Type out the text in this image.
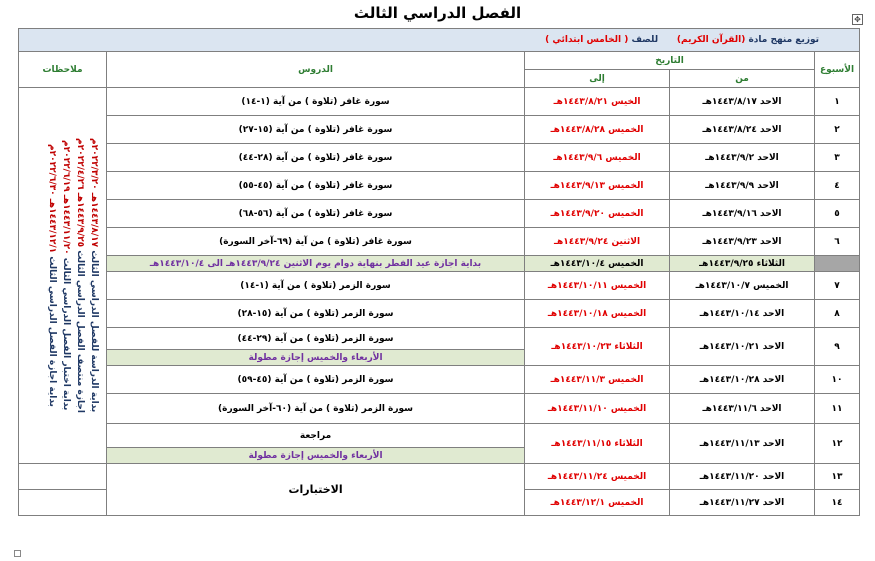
✥
الفصل الدراسي الثالث
توزيع منهج مادة (القرآن الكريم)      للصف ( الخامس ابتدائي )				
الأسبوع	التاريخ		الدروس	ملاحظات
	من	إلى		
١	الاحد ١٤٤٣/٨/١٧هـ	الخيس ١٤٤٣/٨/٢١هـ	سورة غافر (تلاوة ) من آية (١-١٤)	بداية الدراسة للفصل الدراسي الثالث ١٤٤٣/٨/١٧هـ ٢٠٢٢/٣/٢٠م
اجازة منتصف الفصل الدراسي الثالث ١٤٤٣/٩/٢٥هـ ٢٠٢٢/٤/٢٦م
بداية اختبار الفصل الدراسي الثالث ١٤٤٣/١١/٢٠هـ ٢٠٢٢/٦/١٩م
بداية اجازة الفصل الدراسي الثالث ١٤٤٣/١٢/١هـ ٢٠٢٢/٦/٣٠م

٢	الاحد ١٤٤٣/٨/٢٤هـ	الخميس ١٤٤٣/٨/٢٨هـ	سورة غافر (تلاوة ) من آية (١٥-٢٧)	
٣	الاحد ١٤٤٣/٩/٢هـ	الخميس ١٤٤٣/٩/٦هـ	سورة غافر (تلاوة ) من آية (٢٨-٤٤)	
٤	الاحد ١٤٤٣/٩/٩هـ	الخميس ١٤٤٣/٩/١٣هـ	سورة غافر (تلاوة ) من آية (٤٥-٥٥)	
٥	الاحد ١٤٤٣/٩/١٦هـ	الخميس ١٤٤٣/٩/٢٠هـ	سورة غافر (تلاوة ) من آية (٥٦-٦٨)	
٦	الاحد ١٤٤٣/٩/٢٣هـ	الاثنين ١٤٤٣/٩/٢٤هـ	سورة غافر (تلاوة ) من آية (٦٩-آخر السورة)	
	الثلاثاء ١٤٤٣/٩/٢٥هـ	الخميس ١٤٤٣/١٠/٤هـ	بداية اجازة عيد الفطر بنهاية دوام يوم الاثنين ١٤٤٣/٩/٢٤هـ الى ١٤٤٣/١٠/٤هـ	
٧	الخميس ١٤٤٣/١٠/٧هـ	الخميس ١٤٤٣/١٠/١١هـ	سورة الزمر (تلاوة ) من آية (١-١٤)	
٨	الاحد ١٤٤٣/١٠/١٤هـ	الخميس ١٤٤٣/١٠/١٨هـ	سورة الزمر (تلاوة ) من آية (١٥-٢٨)	
٩	الاحد ١٤٤٣/١٠/٢١هـ	الثلاثاء ١٤٤٣/١٠/٢٣هـ	سورة الزمر (تلاوة ) من آية (٢٩-٤٤)	
			الأربعاء والخميس إجازة مطولة	
١٠	الاحد ١٤٤٣/١٠/٢٨هـ	الخميس ١٤٤٣/١١/٣هـ	سورة الزمر (تلاوة ) من آية (٤٥-٥٩)	
١١	الاحد ١٤٤٣/١١/٦هـ	الخميس ١٤٤٣/١١/١٠هـ	سورة الزمر (تلاوة ) من آية (٦٠-آخر السورة)	
١٢	الاحد ١٤٤٣/١١/١٣هـ	الثلاثاء ١٤٤٣/١١/١٥هـ	مراجعة	
			الأربعاء والخميس إجازة مطولة	
١٣	الاحد ١٤٤٣/١١/٢٠هـ	الخميس ١٤٤٣/١١/٢٤هـ	الاختبارات	
١٤	الاحد ١٤٤٣/١١/٢٧هـ	الخميس ١٤٤٣/١٢/١هـ		
